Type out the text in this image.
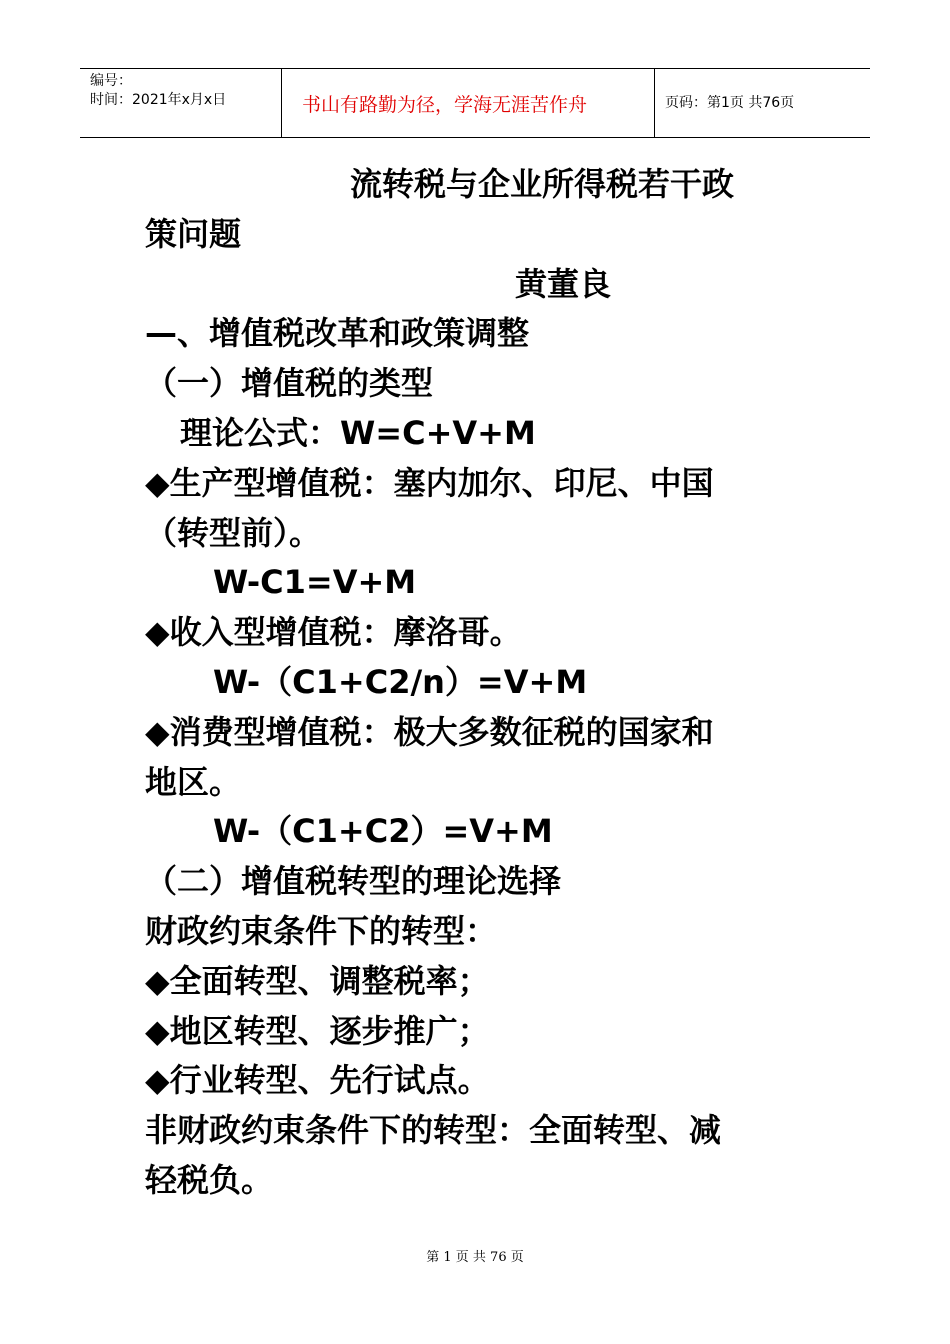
编号：
时间：2021年x月x日	书山有路勤为径，学海无涯苦作舟	页码：第1页 共76页
流转税与企业所得税若干政
策问题
黄董良
—、增值税改革和政策调整
（一）增值税的类型
理论公式：W=C+V+M
◆生产型增值税：塞内加尔、印尼、中国
（转型前）。
W-C1=V+M
◆收入型增值税：摩洛哥。
W-（C1+C2/n）=V+M
◆消费型增值税：极大多数征税的国家和
地区。
W-（C1+C2）=V+M
（二）增值税转型的理论选择
财政约束条件下的转型：
◆全面转型、调整税率；
◆地区转型、逐步推广；
◆行业转型、先行试点。
非财政约束条件下的转型：全面转型、减
轻税负。
第 1 页 共 76 页
